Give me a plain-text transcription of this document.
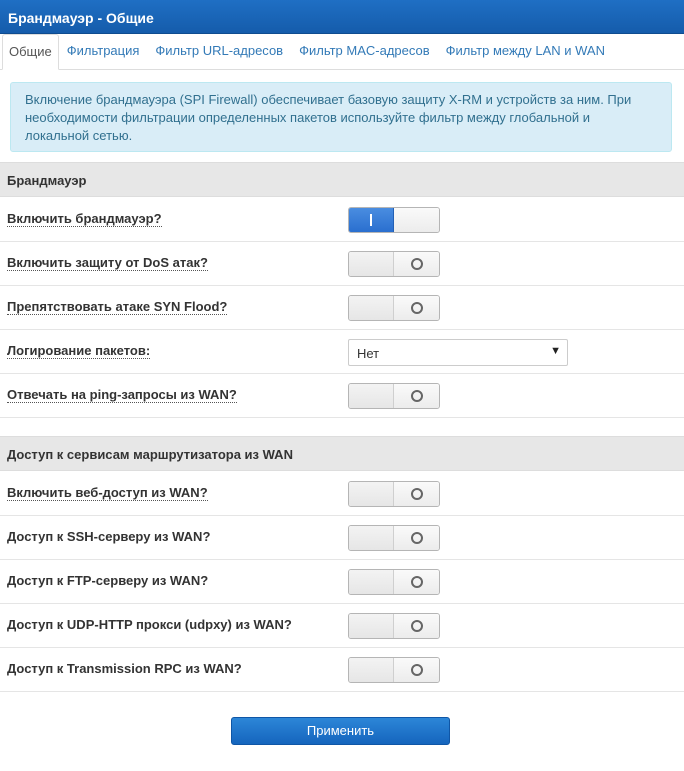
Брандмауэр - Общие
Общие	Фильтрация	Фильтр URL-адресов	Фильтр MAC-адресов	Фильтр между LAN и WAN
Включение брандмауэра (SPI Firewall) обеспечивает базовую защиту X-RM и устройств за ним. При необходимости фильтрации определенных пакетов используйте фильтр между глобальной и локальной сетью.
Брандмауэр
Включить брандмауэр?
Включить защиту от DoS атак?
Препятствовать атаке SYN Flood?
Логирование пакетов:	Нет	▼
Отвечать на ping-запросы из WAN?
Доступ к сервисам маршрутизатора из WAN
Включить веб-доступ из WAN?
Доступ к SSH-серверу из WAN?
Доступ к FTP-серверу из WAN?
Доступ к UDP-HTTP прокси (udpxy) из WAN?
Доступ к Transmission RPC из WAN?
Применить
